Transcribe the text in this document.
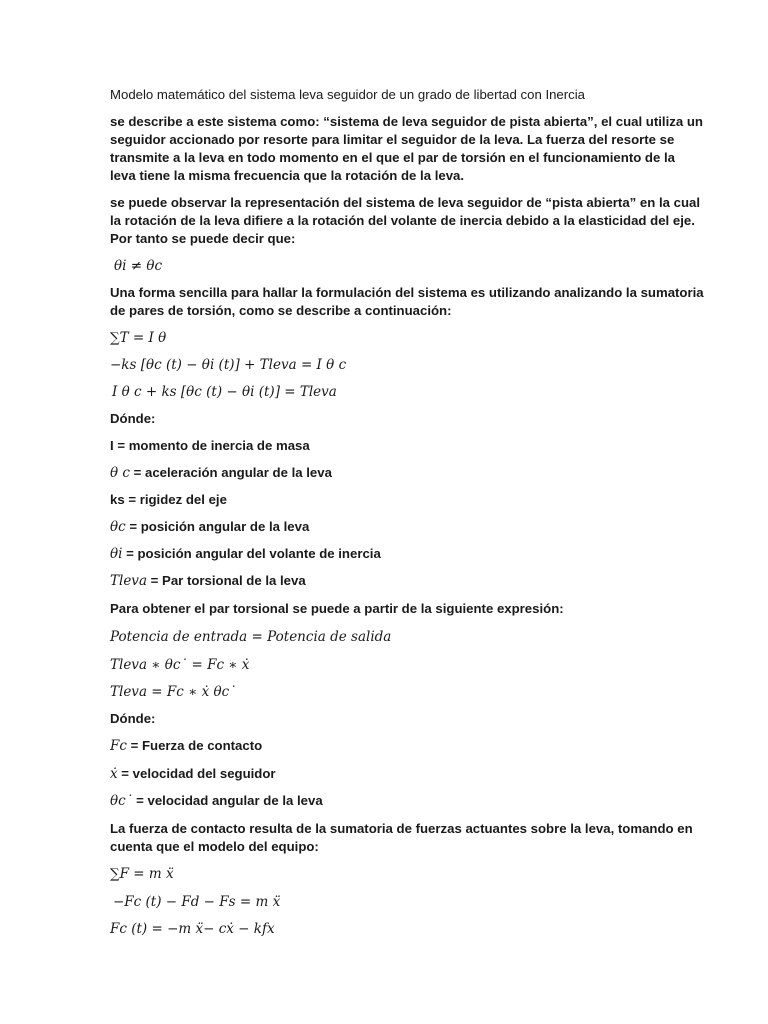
Modelo matemático del sistema leva seguidor de un grado de libertad con Inercia
se describe a este sistema como: “sistema de leva seguidor de pista abierta”, el cual utiliza un
seguidor accionado por resorte para limitar el seguidor de la leva. La fuerza del resorte se
transmite a la leva en todo momento en el que el par de torsión en el funcionamiento de la
leva tiene la misma frecuencia que la rotación de la leva.
se puede observar la representación del sistema de leva seguidor de “pista abierta” en la cual
la rotación de la leva difiere a la rotación del volante de inercia debido a la elasticidad del eje.
Por tanto se puede decir que:
θi ≠ θc
Una forma sencilla para hallar la formulación del sistema es utilizando analizando la sumatoria
de pares de torsión, como se describe a continuación:
∑T = I θ
−ks [θc (t) − θi (t)] + Tleva = I θ c
I θ c + ks [θc (t) − θi (t)] = Tleva
Dónde:
I = momento de inercia de masa
θ c = aceleración angular de la leva
ks = rigidez del eje
θc = posición angular de la leva
θi = posición angular del volante de inercia
Tleva = Par torsional de la leva
Para obtener el par torsional se puede a partir de la siguiente expresión:
Potencia de entrada = Potencia de salida
Tleva ∗ θc˙ = Fc ∗ ẋ
Tleva = Fc ∗ ẋ θc˙
Dónde:
Fc = Fuerza de contacto
ẋ = velocidad del seguidor
θc˙ = velocidad angular de la leva
La fuerza de contacto resulta de la sumatoria de fuerzas actuantes sobre la leva, tomando en
cuenta que el modelo del equipo:
∑F = m ẍ
−Fc (t) − Fd − Fs = m ẍ
Fc (t) = −m ẍ− cẋ − kfx
